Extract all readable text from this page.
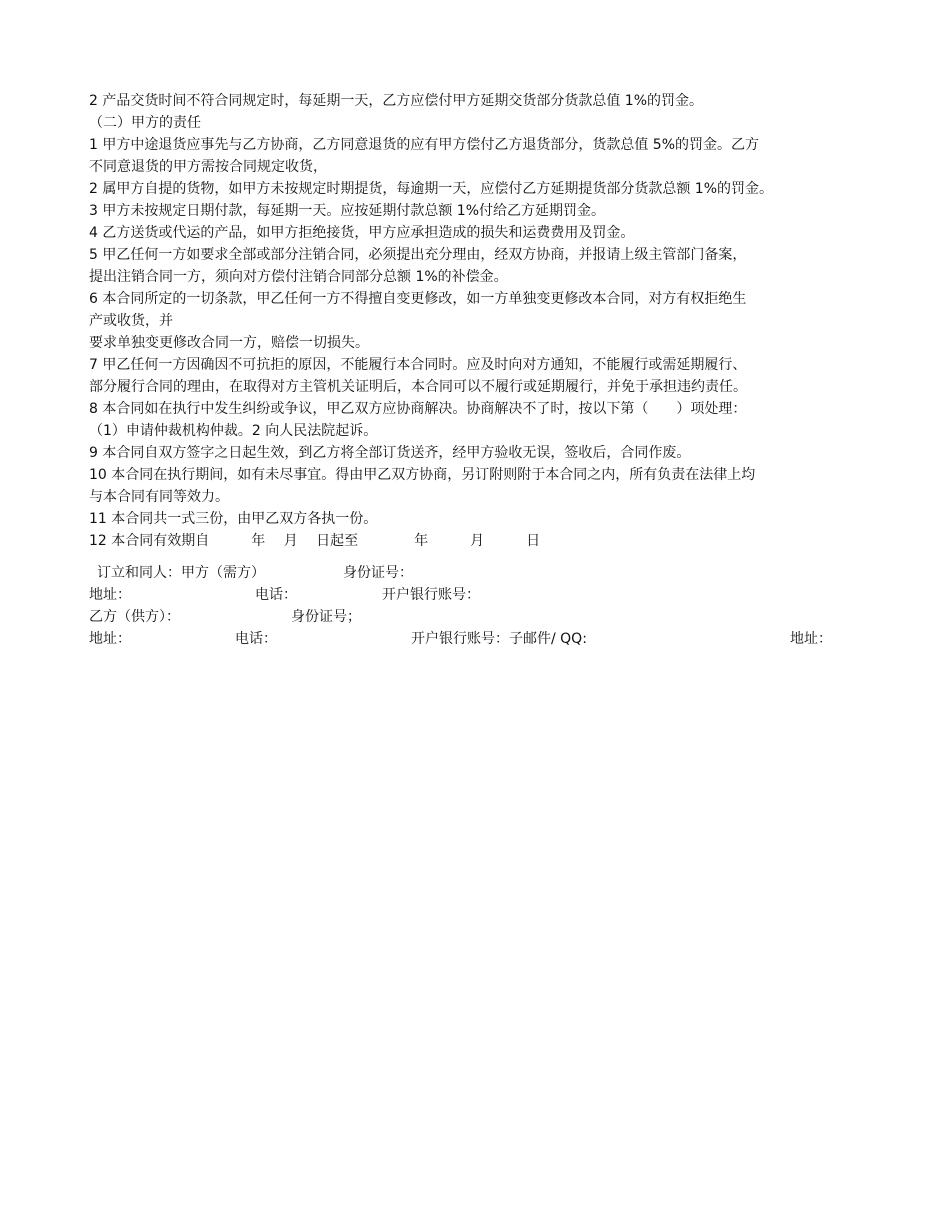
2 产品交货时间不符合同规定时，每延期一天，乙方应偿付甲方延期交货部分货款总值 1%的罚金。

（二）甲方的责任

1 甲方中途退货应事先与乙方协商，乙方同意退货的应有甲方偿付乙方退货部分，货款总值 5%的罚金。乙方

不同意退货的甲方需按合同规定收货，

2 属甲方自提的货物，如甲方未按规定时期提货，每逾期一天，应偿付乙方延期提货部分货款总额 1%的罚金。

3 甲方未按规定日期付款，每延期一天。应按延期付款总额 1%付给乙方延期罚金。

4 乙方送货或代运的产品，如甲方拒绝接货，甲方应承担造成的损失和运费费用及罚金。

5 甲乙任何一方如要求全部或部分注销合同，必须提出充分理由，经双方协商，并报请上级主管部门备案，

提出注销合同一方，须向对方偿付注销合同部分总额 1%的补偿金。

6 本合同所定的一切条款，甲乙任何一方不得擅自变更修改，如一方单独变更修改本合同，对方有权拒绝生

产或收货，并

要求单独变更修改合同一方，赔偿一切损失。

7 甲乙任何一方因确因不可抗拒的原因，不能履行本合同时。应及时向对方通知，不能履行或需延期履行、

部分履行合同的理由，在取得对方主管机关证明后，本合同可以不履行或延期履行，并免于承担违约责任。

8 本合同如在执行中发生纠纷或争议，甲乙双方应协商解决。协商解决不了时，按以下第（　　）项处理：

（1）申请仲裁机构仲裁。2 向人民法院起诉。

9 本合同自双方签字之日起生效，到乙方将全部订货送齐，经甲方验收无误，签收后，合同作废。

10 本合同在执行期间，如有未尽事宜。得由甲乙双方协商，另订附则附于本合同之内，所有负责在法律上均

与本合同有同等效力。

11 本合同共一式三份，由甲乙双方各执一份。

12 本合同有效期自　　　年　 月　 日起至　　　　年　　　月　　　日

订立和同人：甲方（需方）	身份证号：
地址：	电话：	开户银行账号：
乙方（供方）：	身份证号；
地址：	电话：	开户银行账号：子邮件/ QQ:	地址：
